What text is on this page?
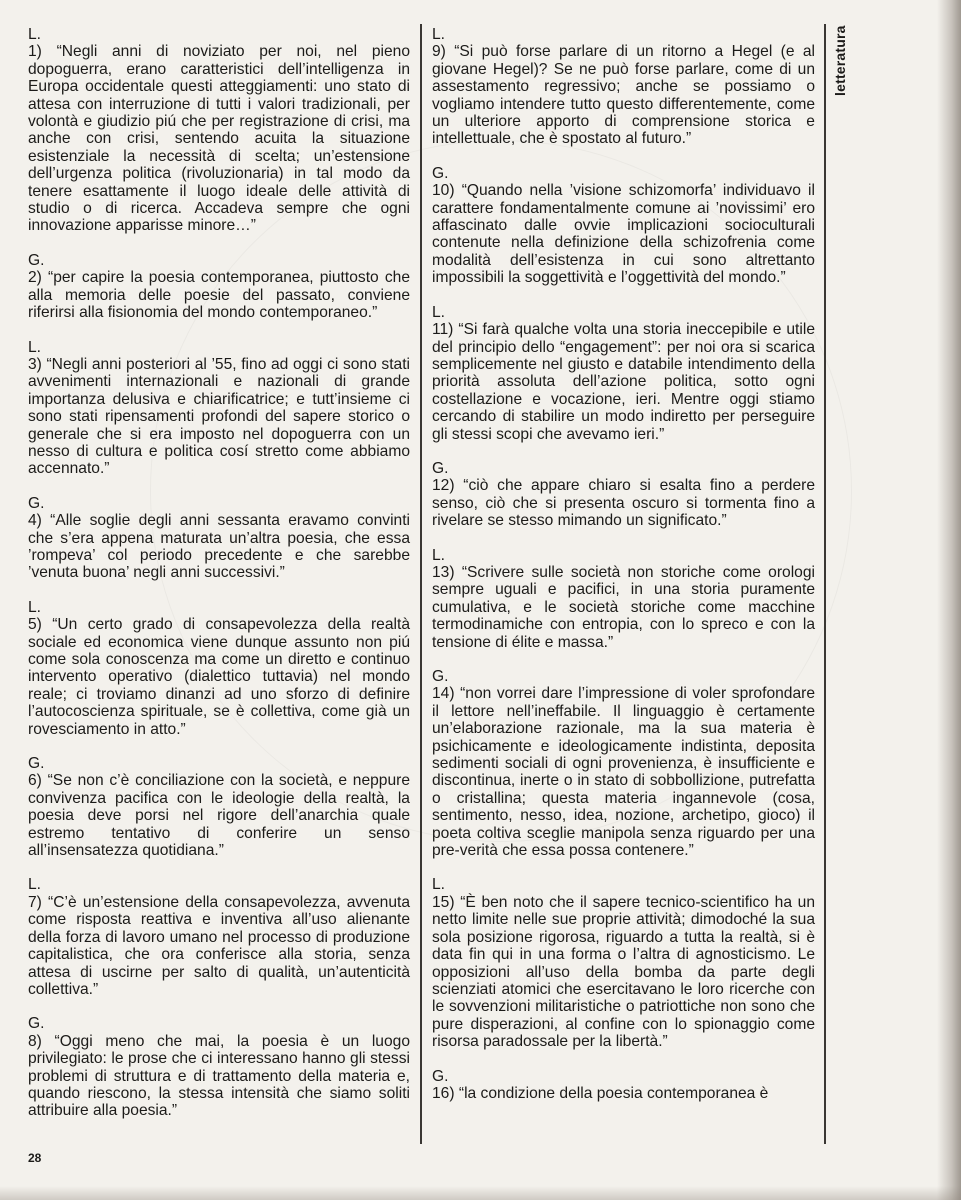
L.

1) “Negli anni di noviziato per noi, nel pieno dopoguerra, erano caratteristici dell’intelligenza in Europa occidentale questi atteggiamenti: uno stato di attesa con interruzione di tutti i valori tradizionali, per volontà e giudizio piú che per registrazione di crisi, ma anche con crisi, sentendo acuita la situazione esistenziale la necessità di scelta; un’estensione dell’urgenza politica (rivoluzionaria) in tal modo da tenere esattamente il luogo ideale delle attività di studio o di ricerca. Accadeva sempre che ogni innovazione apparisse minore…”

G.

2) “per capire la poesia contemporanea, piuttosto che alla memoria delle poesie del passato, conviene riferirsi alla fisionomia del mondo contemporaneo.”

L.

3) “Negli anni posteriori al ’55, fino ad oggi ci sono stati avvenimenti internazionali e nazionali di grande importanza delusiva e chiarificatrice; e tutt’insieme ci sono stati ripensamenti profondi del sapere storico o generale che si era imposto nel dopoguerra con un nesso di cultura e politica cosí stretto come abbiamo accennato.”

G.

4) “Alle soglie degli anni sessanta eravamo convinti che s’era appena maturata un’altra poesia, che essa ’rompeva’ col periodo precedente e che sarebbe ’venuta buona’ negli anni successivi.”

L.

5) “Un certo grado di consapevolezza della realtà sociale ed economica viene dunque assunto non piú come sola conoscenza ma come un diretto e continuo intervento operativo (dialettico tuttavia) nel mondo reale; ci troviamo dinanzi ad uno sforzo di definire l’autocoscienza spirituale, se è collettiva, come già un rovesciamento in atto.”

G.

6) “Se non c’è conciliazione con la società, e neppure convivenza pacifica con le ideologie della realtà, la poesia deve porsi nel rigore dell’anarchia quale estremo tentativo di conferire un senso all’insensatezza quotidiana.”

L.

7) “C’è un’estensione della consapevolezza, avvenuta come risposta reattiva e inventiva all’uso alienante della forza di lavoro umano nel processo di produzione capitalistica, che ora conferisce alla storia, senza attesa di uscirne per salto di qualità, un’autenticità collettiva.”

G.

8) “Oggi meno che mai, la poesia è un luogo privilegiato: le prose che ci interessano hanno gli stessi problemi di struttura e di trattamento della materia e, quando riescono, la stessa intensità che siamo soliti attribuire alla poesia.”

L.

9) “Si può forse parlare di un ritorno a Hegel (e al giovane Hegel)? Se ne può forse parlare, come di un assestamento regressivo; anche se possiamo o vogliamo intendere tutto questo differentemente, come un ulteriore apporto di comprensione storica e intellettuale, che è spostato al futuro.”

G.

10) “Quando nella ’visione schizomorfa’ individuavo il carattere fondamentalmente comune ai ’novissimi’ ero affascinato dalle ovvie implicazioni socioculturali contenute nella definizione della schizofrenia come modalità dell’esistenza in cui sono altrettanto impossibili la soggettività e l’oggettività del mondo.”

L.

11) “Si farà qualche volta una storia ineccepibile e utile del principio dello “engagement”: per noi ora si scarica semplicemente nel giusto e databile intendimento della priorità assoluta dell’azione politica, sotto ogni costellazione e vocazione, ieri. Mentre oggi stiamo cercando di stabilire un modo indiretto per perseguire gli stessi scopi che avevamo ieri.”

G.

12) “ciò che appare chiaro si esalta fino a perdere senso, ciò che si presenta oscuro si tormenta fino a rivelare se stesso mimando un significato.”

L.

13) “Scrivere sulle società non storiche come orologi sempre uguali e pacifici, in una storia puramente cumulativa, e le società storiche come macchine termodinamiche con entropia, con lo spreco e con la tensione di élite e massa.”

G.

14) “non vorrei dare l’impressione di voler sprofondare il lettore nell’ineffabile. Il linguaggio è certamente un’elaborazione razionale, ma la sua materia è psichicamente e ideologicamente indistinta, deposita sedimenti sociali di ogni provenienza, è insufficiente e discontinua, inerte o in stato di sobbollizione, putrefatta o cristallina; questa materia ingannevole (cosa, sentimento, nesso, idea, nozione, archetipo, gioco) il poeta coltiva sceglie manipola senza riguardo per una pre-verità che essa possa contenere.”

L.

15) “È ben noto che il sapere tecnico-scientifico ha un netto limite nelle sue proprie attività; dimodoché la sua sola posizione rigorosa, riguardo a tutta la realtà, si è data fin qui in una forma o l’altra di agnosticismo. Le opposizioni all’uso della bomba da parte degli scienziati atomici che esercitavano le loro ricerche con le sovvenzioni militaristiche o patriottiche non sono che pure disperazioni, al confine con lo spionaggio come risorsa paradossale per la libertà.”

G.

16) “la condizione della poesia contemporanea è

letteratura
28
